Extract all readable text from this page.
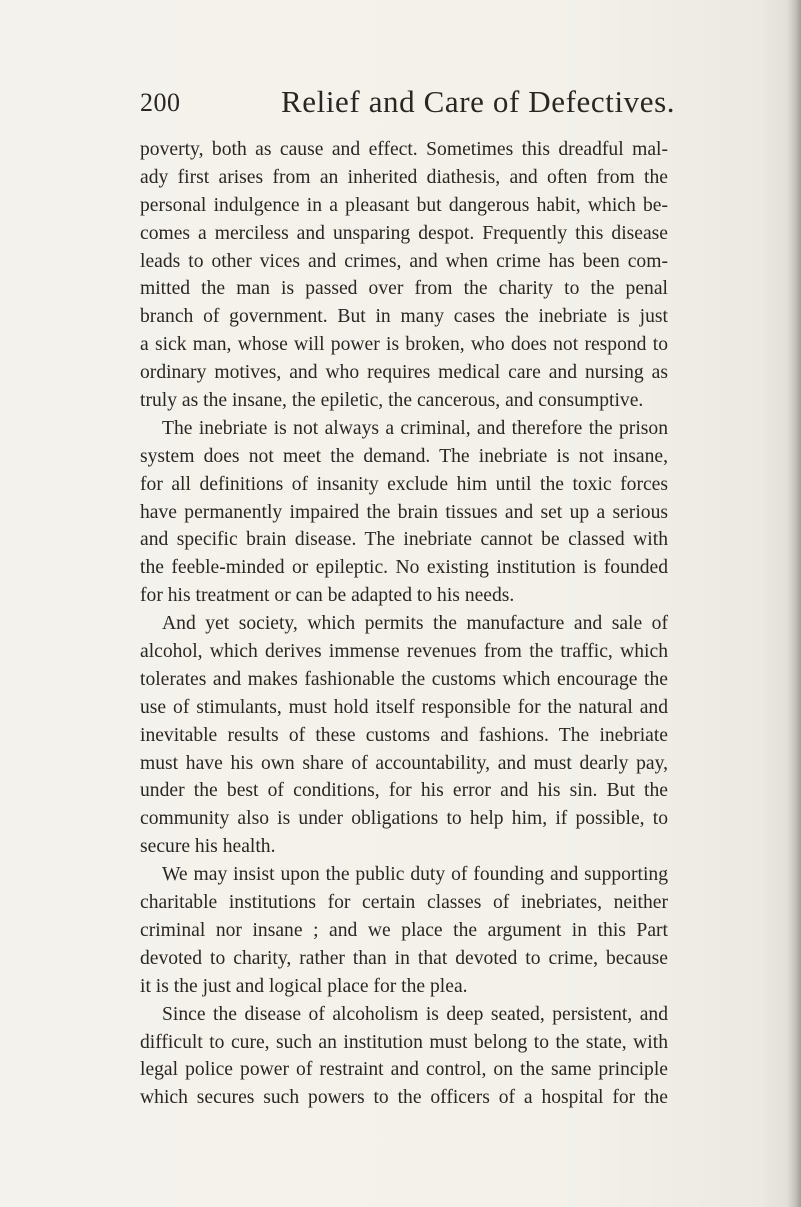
200	Relief and Care of Defectives.
poverty, both as cause and effect. Sometimes this dreadful mal-
ady first arises from an inherited diathesis, and often from the
personal indulgence in a pleasant but dangerous habit, which be-
comes a merciless and unsparing despot. Frequently this disease
leads to other vices and crimes, and when crime has been com-
mitted the man is passed over from the charity to the penal
branch of government. But in many cases the inebriate is just
a sick man, whose will power is broken, who does not respond to
ordinary motives, and who requires medical care and nursing as
truly as the insane, the epiletic, the cancerous, and consumptive.
The inebriate is not always a criminal, and therefore the prison
system does not meet the demand. The inebriate is not insane,
for all definitions of insanity exclude him until the toxic forces
have permanently impaired the brain tissues and set up a serious
and specific brain disease. The inebriate cannot be classed with
the feeble-minded or epileptic. No existing institution is founded
for his treatment or can be adapted to his needs.
And yet society, which permits the manufacture and sale of
alcohol, which derives immense revenues from the traffic, which
tolerates and makes fashionable the customs which encourage the
use of stimulants, must hold itself responsible for the natural and
inevitable results of these customs and fashions. The inebriate
must have his own share of accountability, and must dearly pay,
under the best of conditions, for his error and his sin. But the
community also is under obligations to help him, if possible, to
secure his health.
We may insist upon the public duty of founding and supporting
charitable institutions for certain classes of inebriates, neither
criminal nor insane ; and we place the argument in this Part
devoted to charity, rather than in that devoted to crime, because
it is the just and logical place for the plea.
Since the disease of alcoholism is deep seated, persistent, and
difficult to cure, such an institution must belong to the state, with
legal police power of restraint and control, on the same principle
which secures such powers to the officers of a hospital for the
